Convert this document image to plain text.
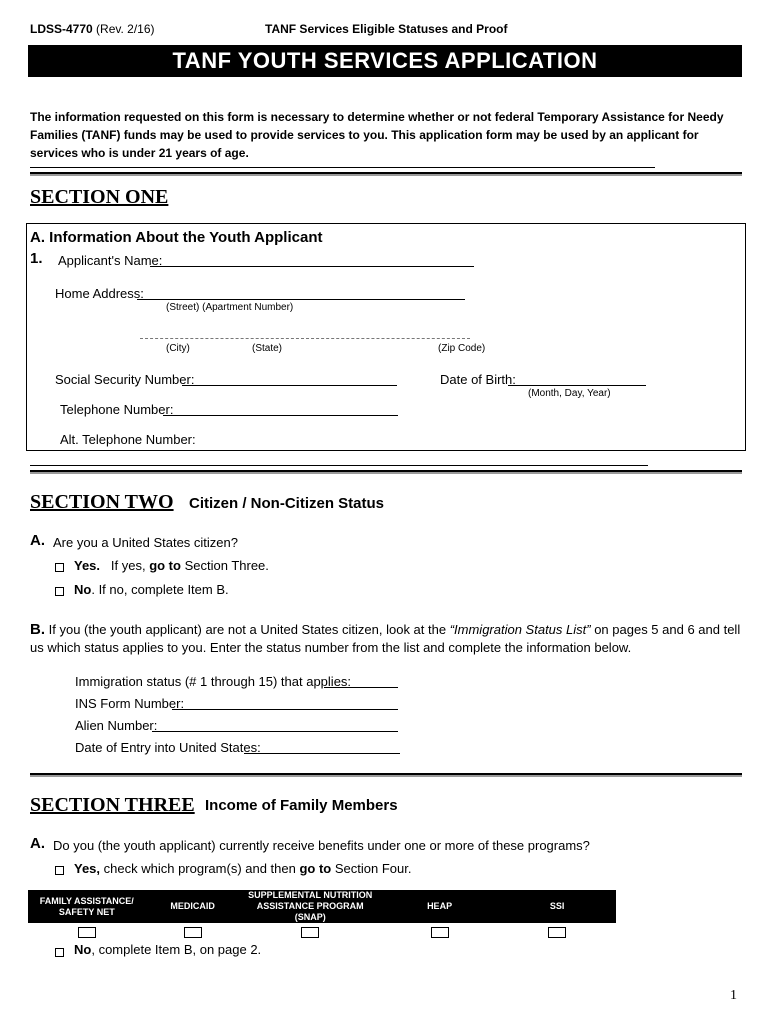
LDSS-4770 (Rev. 2/16)	TANF Services Eligible Statuses and Proof
TANF YOUTH SERVICES APPLICATION
The information requested on this form is necessary to determine whether or not federal Temporary Assistance for Needy Families (TANF) funds may be used to provide services to you. This application form may be used by an applicant for services who is under 21 years of age.
SECTION ONE
A. Information About the Youth Applicant
1. Applicant's Name:
Home Address:
(Street) (Apartment Number)
(City)	(State)	(Zip Code)
Social Security Number:	Date of Birth:
(Month, Day, Year)
Telephone Number:
Alt. Telephone Number:
SECTION TWO Citizen / Non-Citizen Status
A. Are you a United States citizen?
Yes. If yes, go to Section Three.
No. If no, complete Item B.
B. If you (the youth applicant) are not a United States citizen, look at the “Immigration Status List” on pages 5 and 6 and tell us which status applies to you. Enter the status number from the list and complete the information below.
Immigration status (# 1 through 15) that applies:
INS Form Number:
Alien Number:
Date of Entry into United States:
SECTION THREE Income of Family Members
A. Do you (the youth applicant) currently receive benefits under one or more of these programs?
Yes, check which program(s) and then go to Section Four.
FAMILY ASSISTANCE/ SAFETY NET	MEDICAID	SUPPLEMENTAL NUTRITION ASSISTANCE PROGRAM (SNAP)	HEAP	SSI

No, complete Item B, on page 2.
1
